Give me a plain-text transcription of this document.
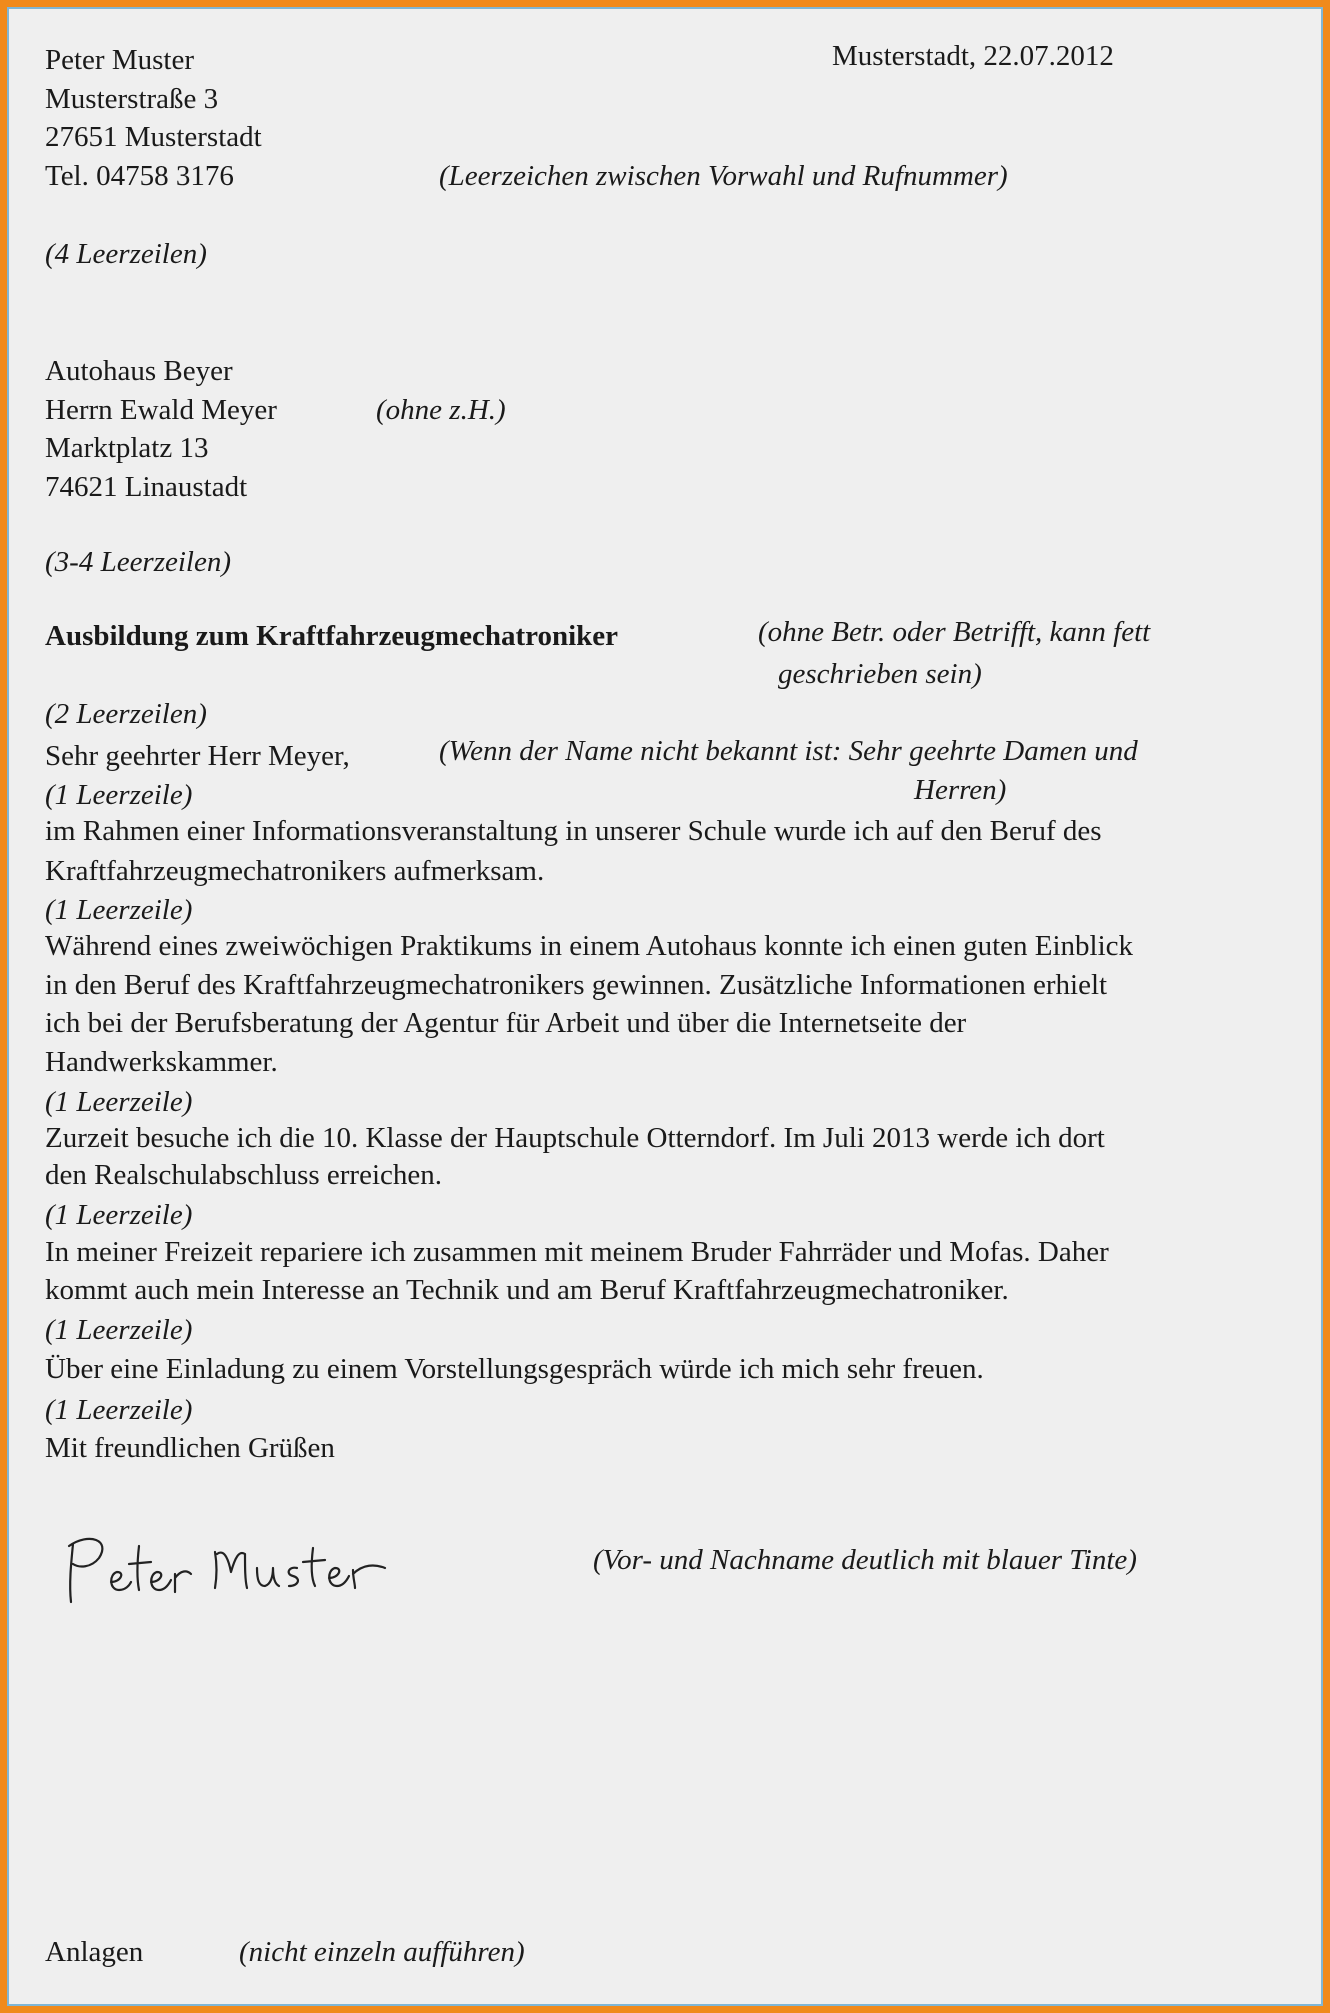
Peter Muster
Musterstraße 3
27651 Musterstadt
Tel. 04758 3176	(Leerzeichen zwischen Vorwahl und Rufnummer)
Musterstadt, 22.07.2012
(4 Leerzeilen)
Autohaus Beyer
Herrn Ewald Meyer	(ohne z.H.)
Marktplatz 13
74621 Linaustadt
(3-4 Leerzeilen)
Ausbildung zum Kraftfahrzeugmechatroniker	(ohne Betr. oder Betrifft, kann fett
geschrieben sein)
(2 Leerzeilen)
Sehr geehrter Herr Meyer,	(Wenn der Name nicht bekannt ist: Sehr geehrte Damen und
Herren)
(1 Leerzeile)
im Rahmen einer Informationsveranstaltung in unserer Schule wurde ich auf den Beruf des
Kraftfahrzeugmechatronikers aufmerksam.
(1 Leerzeile)
Während eines zweiwöchigen Praktikums in einem Autohaus konnte ich einen guten Einblick
in den Beruf des Kraftfahrzeugmechatronikers gewinnen. Zusätzliche Informationen erhielt
ich bei der Berufsberatung der Agentur für Arbeit und über die Internetseite der
Handwerkskammer.
(1 Leerzeile)
Zurzeit besuche ich die 10. Klasse der Hauptschule Otterndorf. Im Juli 2013 werde ich dort
den Realschulabschluss erreichen.
(1 Leerzeile)
In meiner Freizeit repariere ich zusammen mit meinem Bruder Fahrräder und Mofas. Daher
kommt auch mein Interesse an Technik und am Beruf Kraftfahrzeugmechatroniker.
(1 Leerzeile)
Über eine Einladung zu einem Vorstellungsgespräch würde ich mich sehr freuen.
(1 Leerzeile)
Mit freundlichen Grüßen
(Vor- und Nachname deutlich mit blauer Tinte)
Anlagen	(nicht einzeln aufführen)
